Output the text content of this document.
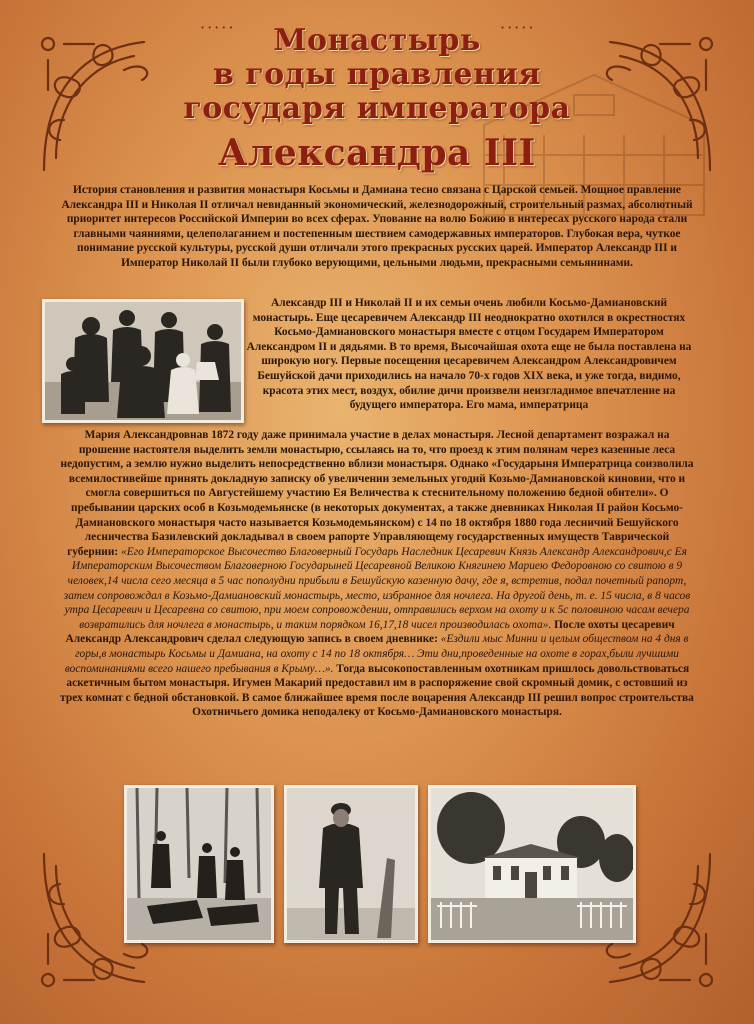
Монастырь
в годы правления
государя императора
Александра III
·····	·····

История становления и развития монастыря Косьмы и Дамиана тесно связана с Царской семьей. Мощное правление Александра III и Николая II отличал невиданный экономический, железнодорожный, строительный размах, абсолютный приоритет интересов Российской Империи во всех сферах. Упование на волю Божию в интересах русского народа стали главными чаяниями, целеполаганием и постепенным шествием самодержавных императоров. Глубокая вера, чуткое понимание русской культуры, русской души отличали этого прекрасных русских царей. Император Александр III и Император Николай II были глубоко верующими, цельными людьми, прекрасными семьянинами.

Александр III и Николай II и их семьи очень любили Косьмо-Дамиановский монастырь. Еще цесаревичем Александр III неоднократно охотился в окрестностях Косьмо-Дамиановского монастыря вместе с отцом Государем Императором Александром II и дядьями. В то время, Высочайшая охота еще не была поставлена на широкую ногу. Первые посещения цесаревичем Александром Александровичем Бешуйской дачи приходились на начало 70-х годов XIX века, и уже тогда, видимо, красота этих мест, воздух, обилие дичи произвели неизгладимое впечатление на будущего императора. Его мама, императрица

Мария Александровнав 1872 году даже принимала участие в делах монастыря. Лесной департамент возражал на прошение настоятеля выделить земли монастырю, ссылаясь на то, что проезд к этим полянам через казенные леса недопустим, а землю нужно выделить непосредственно вблизи монастыря. Однако «Государыня Императрица соизволила всемилостивейше принять докладную записку об увеличении земельных угодий Козьмо-Дамиановской киновии, что и смогла совершиться по Августейшему участию Ея Величества к стеснительному положению бедной обители». О пребывании царских особ в Козьмодемьянске (в некоторых документах, а также дневниках Николая II район Косьмо-Дамиановского монастыря часто называется Козьмодемьянском) с 14 по 18 октября 1880 года лесничий Бешуйского лесничества Базилевский докладывал в своем рапорте Управляющему государственных имуществ Таврической губернии: «Его Императорское Высочество Благоверный Государь Наследник Цесаревич Князь Александр Александрович,с Ея Императорским Высочеством Благоверною Государыней Цесаревной Великою Княгинею Мариею Федоровною со свитою в 9 человек,14 числа сего месяца в 5 час пополудни прибыли в Бешуйскую казенную дачу, где я, встретив, подал почетный рапорт, затем сопровождал в Козьмо-Дамиановский монастырь, место, избранное для ночлега. На другой день, т. е. 15 числа, в 8 часов утра Цесаревич и Цесаревна со свитою, при моем сопровождении, отправились верхом на охоту и к 5с половиною часам вечера возвратились для ночлега в монастырь, и таким порядком 16,17,18 чисел производилась охота». После охоты цесаревич Александр Александрович сделал следующую запись в своем дневнике: «Ездили мыс Минни и целым обществом на 4 дня в горы,в монастырь Косьмы и Дамиана, на охоту с 14 по 18 октября… Эти дни,проведенные на охоте в горах,были лучшими воспоминаниями всего нашего пребывания в Крыму…». Тогда высокопоставленным охотникам пришлось довольствоваться аскетичным бытом монастыря. Игумен Макарий предоставил им в распоряжение свой скромный домик, с остовший из трех комнат с бедной обстановкой. В самое ближайшее время после воцарения Александр III решил вопрос строительства Охотничьего домика неподалеку от Косьмо-Дамиановского монастыря.
